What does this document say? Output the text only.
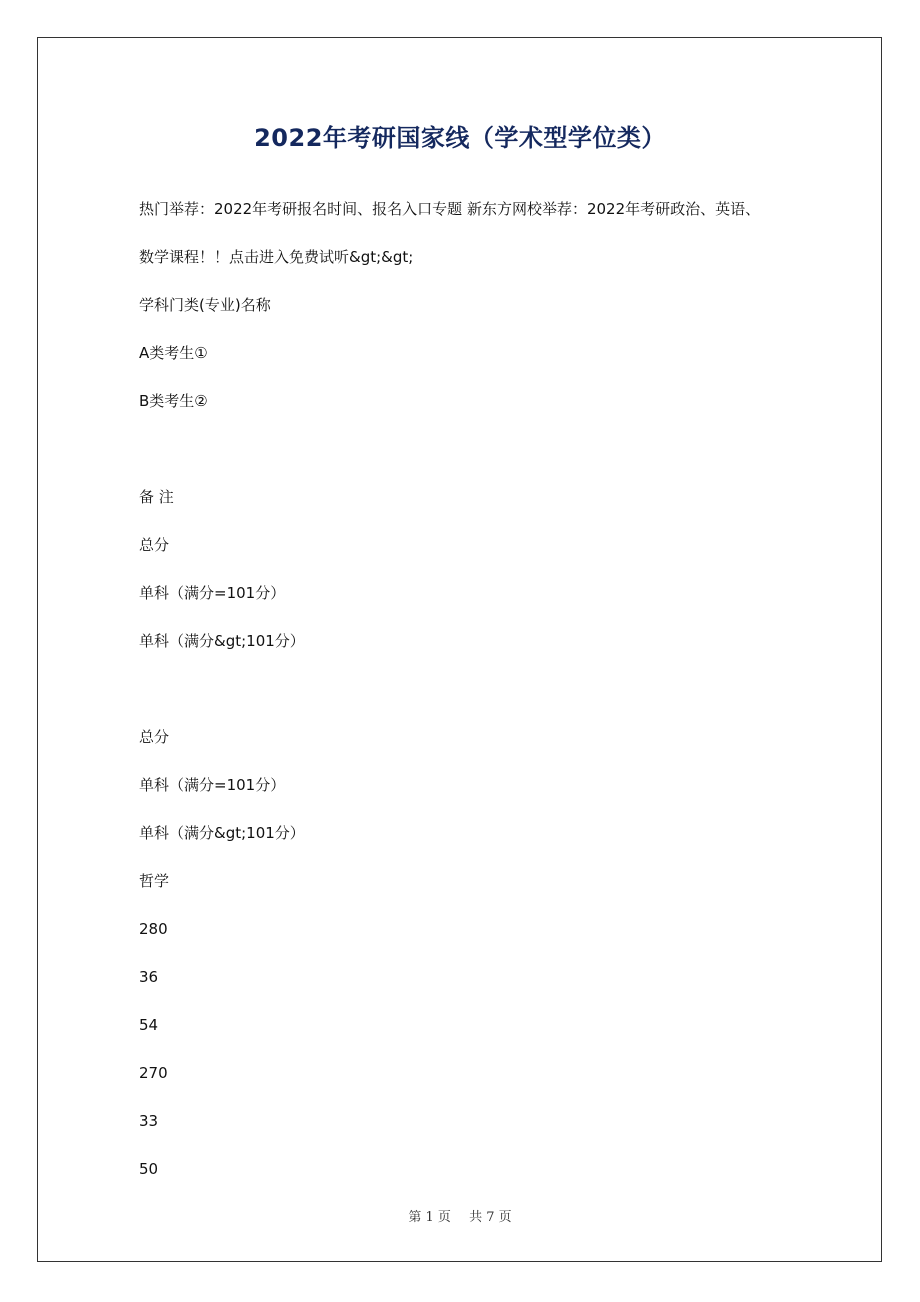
2022年考研国家线（学术型学位类）
热门举荐：2022年考研报名时间、报名入口专题 新东方网校举荐：2022年考研政治、英语、
数学课程！！点击进入免费试听&gt;&gt;
学科门类(专业)名称
A类考生①
B类考生②
备 注
总分
单科（满分=101分）
单科（满分&gt;101分）
总分
单科（满分=101分）
单科（满分&gt;101分）
哲学
280
36
54
270
33
50
第 1 页 共 7 页
